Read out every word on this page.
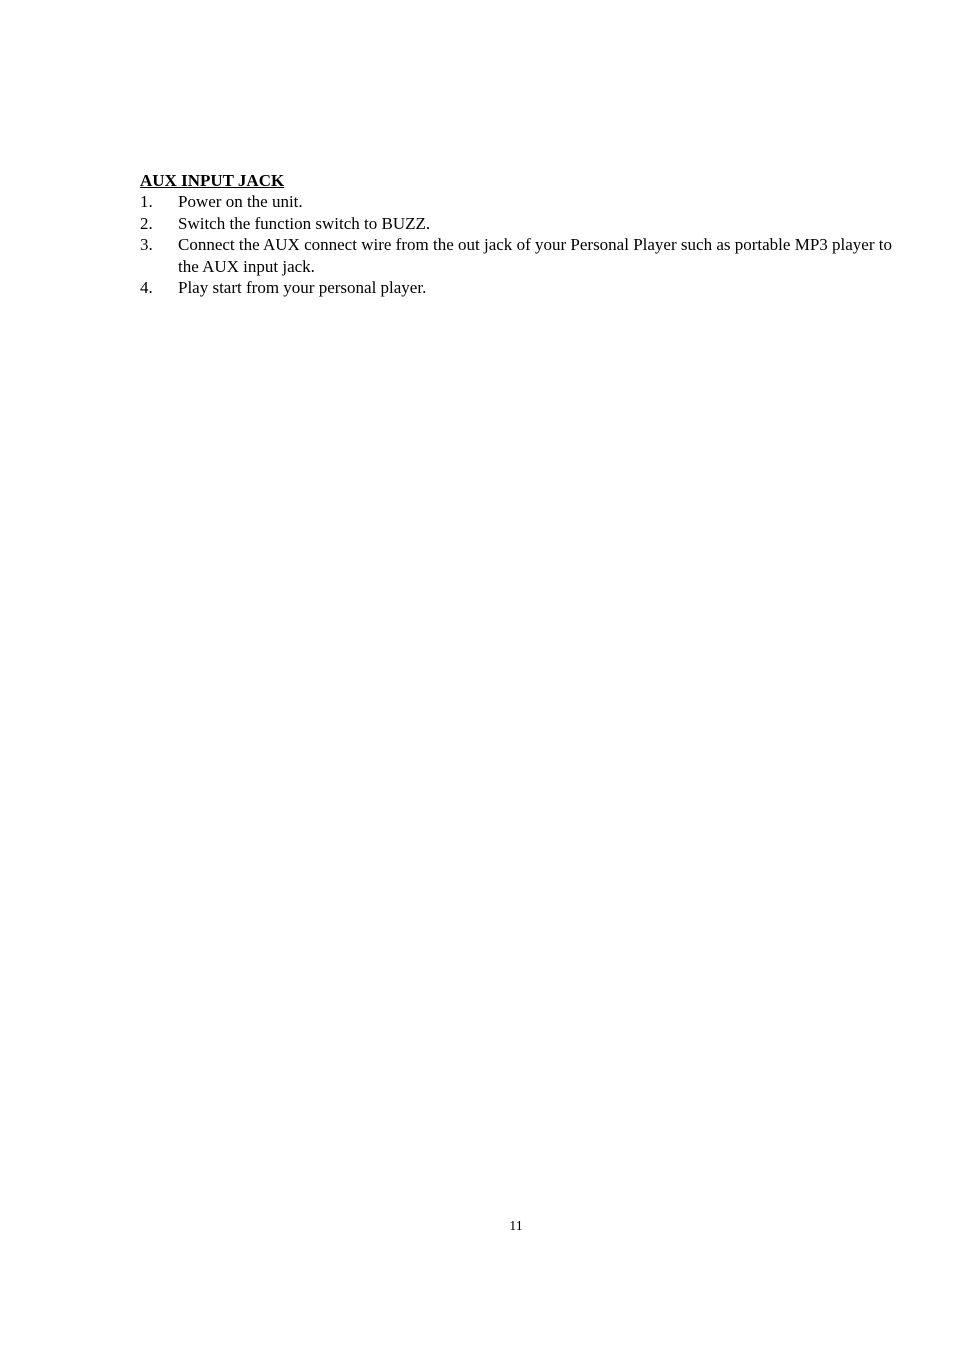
AUX INPUT JACK
1.	Power on the unit.
2.	Switch the function switch to BUZZ.
3.	Connect the AUX connect wire from the out jack of your Personal Player such as portable MP3 player to the AUX input jack.
4.	Play start from your personal player.
11
